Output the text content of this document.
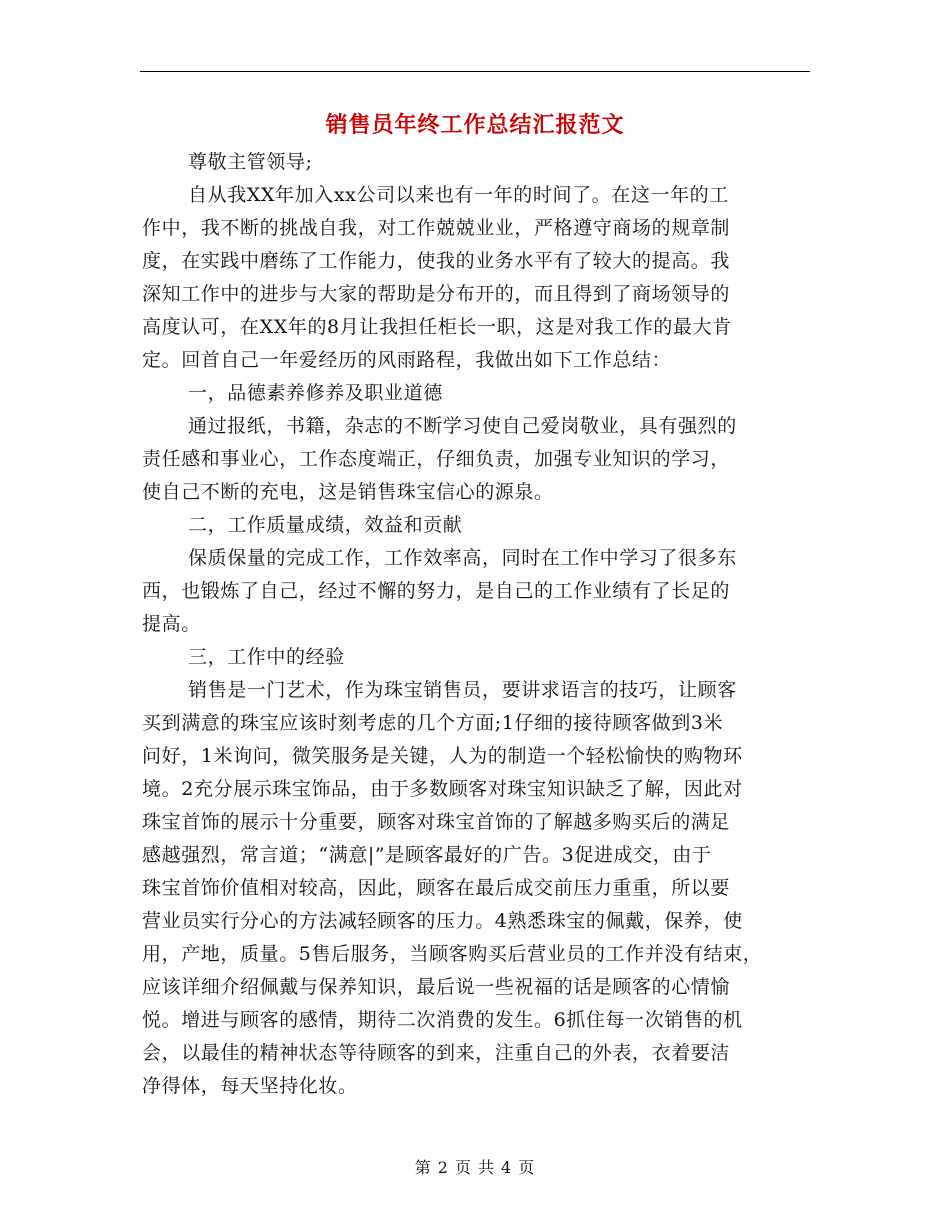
销售员年终工作总结汇报范文
尊敬主管领导;
自从我XX年加入xx公司以来也有一年的时间了。在这一年的工
作中，我不断的挑战自我，对工作兢兢业业，严格遵守商场的规章制
度，在实践中磨练了工作能力，使我的业务水平有了较大的提高。我
深知工作中的进步与大家的帮助是分布开的，而且得到了商场领导的
高度认可，在XX年的8月让我担任柜长一职，这是对我工作的最大肯
定。回首自己一年爱经历的风雨路程，我做出如下工作总结：
一，品德素养修养及职业道德
通过报纸，书籍，杂志的不断学习使自己爱岗敬业，具有强烈的
责任感和事业心，工作态度端正，仔细负责，加强专业知识的学习，
使自己不断的充电，这是销售珠宝信心的源泉。
二，工作质量成绩，效益和贡献
保质保量的完成工作，工作效率高，同时在工作中学习了很多东
西，也锻炼了自己，经过不懈的努力，是自己的工作业绩有了长足的
提高。
三，工作中的经验
销售是一门艺术，作为珠宝销售员，要讲求语言的技巧，让顾客
买到满意的珠宝应该时刻考虑的几个方面;1仔细的接待顾客做到3米
问好，1米询问，微笑服务是关键，人为的制造一个轻松愉快的购物环
境。2充分展示珠宝饰品，由于多数顾客对珠宝知识缺乏了解，因此对
珠宝首饰的展示十分重要，顾客对珠宝首饰的了解越多购买后的满足
感越强烈，常言道；“满意|”是顾客最好的广告。3促进成交，由于
珠宝首饰价值相对较高，因此，顾客在最后成交前压力重重，所以要
营业员实行分心的方法减轻顾客的压力。4熟悉珠宝的佩戴，保养，使
用，产地，质量。5售后服务，当顾客购买后营业员的工作并没有结束，
应该详细介绍佩戴与保养知识，最后说一些祝福的话是顾客的心情愉
悦。增进与顾客的感情，期待二次消费的发生。6抓住每一次销售的机
会，以最佳的精神状态等待顾客的到来，注重自己的外表，衣着要洁
净得体，每天坚持化妆。
第 2 页 共 4 页
